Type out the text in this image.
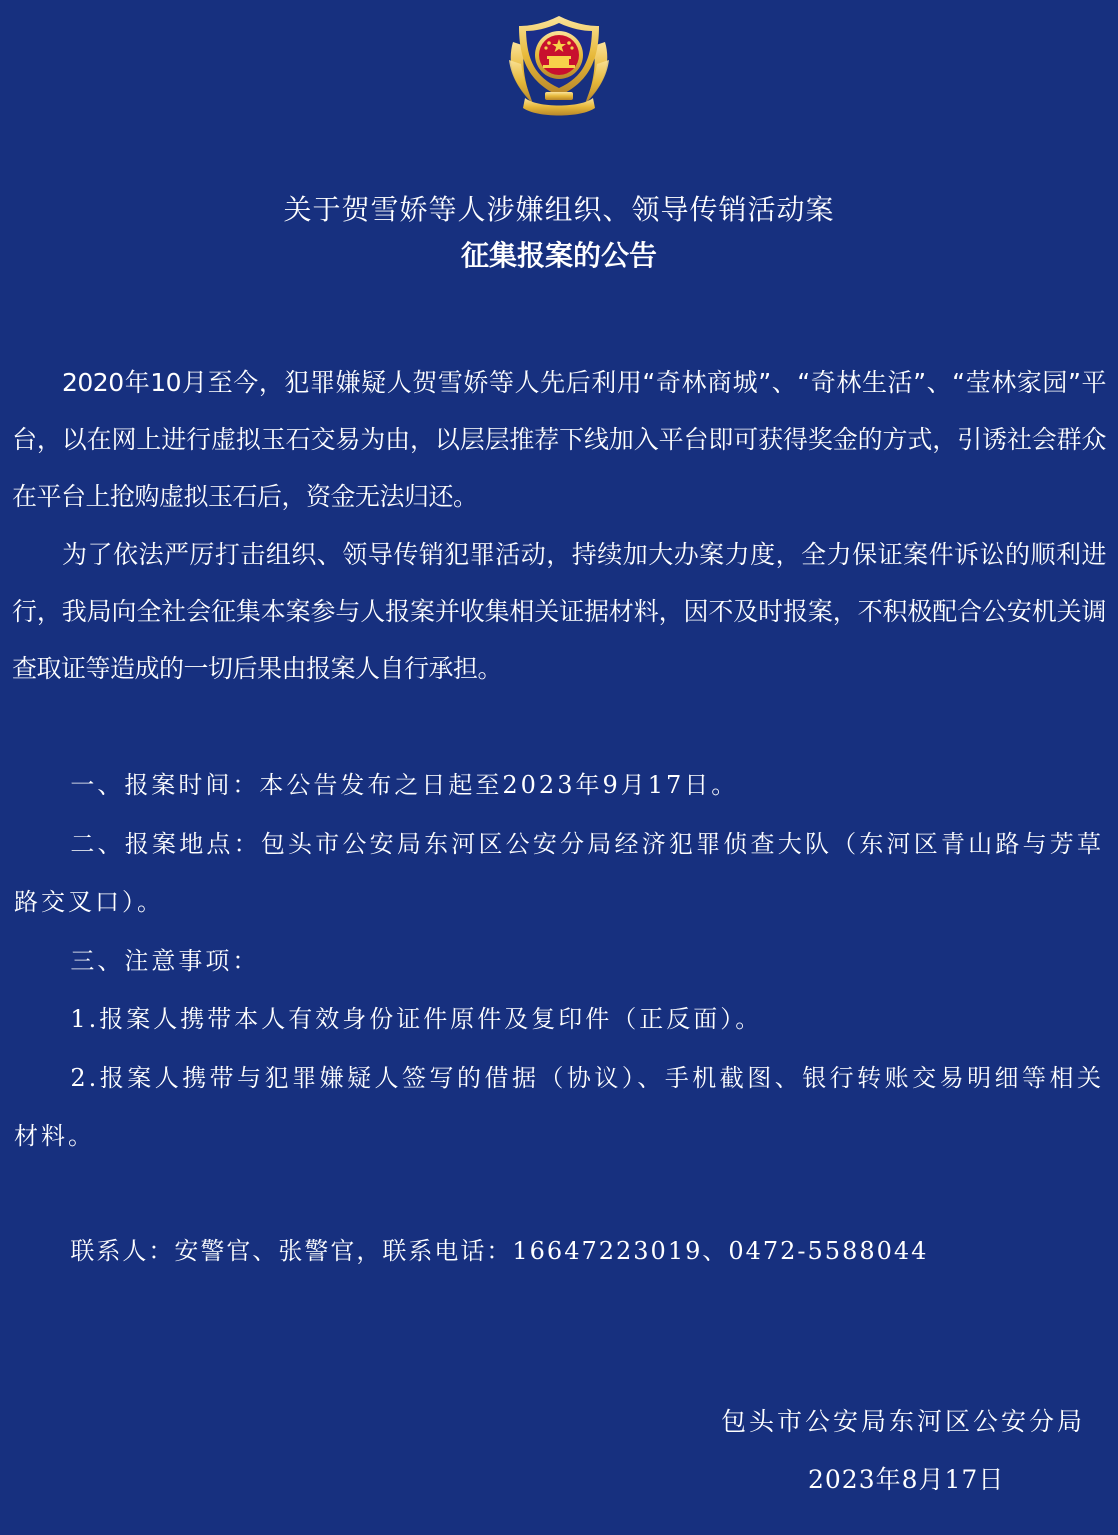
关于贺雪娇等人涉嫌组织、领导传销活动案
征集报案的公告

2020年10月至今，犯罪嫌疑人贺雪娇等人先后利用“奇林商城”、“奇林生活”、“莹林家园”平台，以在网上进行虚拟玉石交易为由，以层层推荐下线加入平台即可获得奖金的方式，引诱社会群众在平台上抢购虚拟玉石后，资金无法归还。

为了依法严厉打击组织、领导传销犯罪活动，持续加大办案力度，全力保证案件诉讼的顺利进行，我局向全社会征集本案参与人报案并收集相关证据材料，因不及时报案，不积极配合公安机关调查取证等造成的一切后果由报案人自行承担。

一、报案时间：本公告发布之日起至2023年9月17日。

二、报案地点：包头市公安局东河区公安分局经济犯罪侦查大队（东河区青山路与芳草路交叉口）。

三、注意事项：

1.报案人携带本人有效身份证件原件及复印件（正反面）。

2.报案人携带与犯罪嫌疑人签写的借据（协议）、手机截图、银行转账交易明细等相关材料。

联系人：安警官、张警官，联系电话：16647223019、0472-5588044

包头市公安局东河区公安分局

2023年8月17日
